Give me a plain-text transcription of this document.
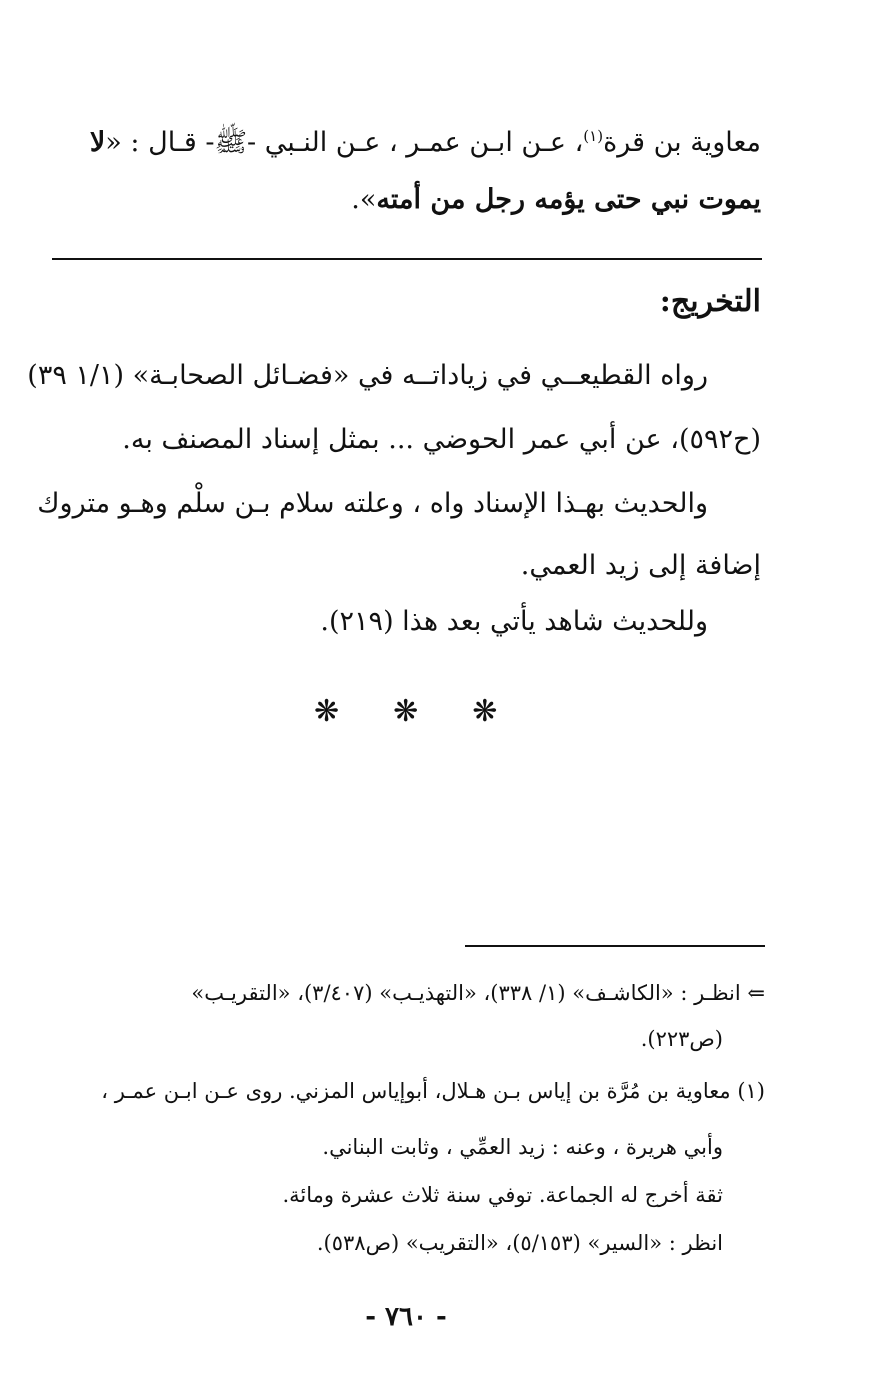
معاوية بن قرة$^{(١)}$، عـن ابـن عمـر ، عـن النـبي -ﷺ- قـال : «لا
يموت نبي حتى يؤمه رجل من أمته».
التخريج:
رواه القطيعــي في زياداتــه في «فضـائل الصحابـة» (١/١ ٣٩)
(ح٥٩٢)، عن أبي عمر الحوضي ... بمثل إسناد المصنف به.
والحديث بهـذا الإسناد واه ، وعلته سلام بـن سلْم وهـو متروك
إضافة إلى زيد العمي.
وللحديث شاهد يأتي بعد هذا (٢١٩).
❋ ❋ ❋
⇐ انظـر : «الكاشـف» (١/ ٣٣٨)، «التهذيـب» (٣/٤٠٧)، «التقريـب»
(ص٢٢٣).
(١) معاوية بن مُرَّة بن إياس بـن هـلال، أبوإياس المزني. روى عـن ابـن عمـر ،
وأبي هريرة ، وعنه : زيد العمِّي ، وثابت البناني.
ثقة أخرج له الجماعة. توفي سنة ثلاث عشرة ومائة.
انظر : «السير» (٥/١٥٣)، «التقريب» (ص٥٣٨).
- ٧٦٠ -
